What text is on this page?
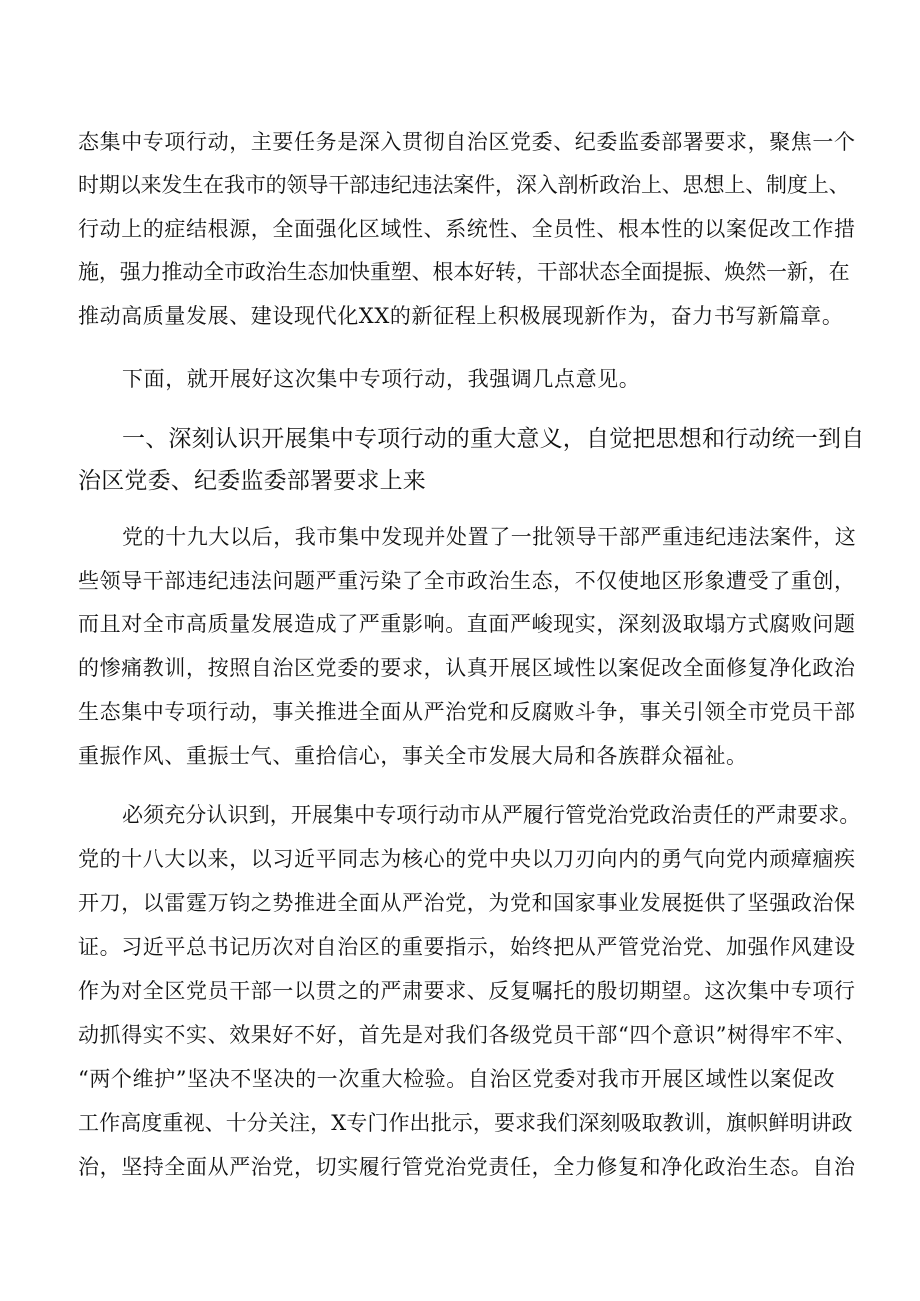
态集中专项行动，主要任务是深入贯彻自治区党委、纪委监委部署要求，聚焦一个
时期以来发生在我市的领导干部违纪违法案件，深入剖析政治上、思想上、制度上、
行动上的症结根源，全面强化区域性、系统性、全员性、根本性的以案促改工作措
施，强力推动全市政治生态加快重塑、根本好转，干部状态全面提振、焕然一新，在
推动高质量发展、建设现代化XX的新征程上积极展现新作为，奋力书写新篇章。
下面，就开展好这次集中专项行动，我强调几点意见。
一、深刻认识开展集中专项行动的重大意义，自觉把思想和行动统一到自
治区党委、纪委监委部署要求上来
党的十九大以后，我市集中发现并处置了一批领导干部严重违纪违法案件，这
些领导干部违纪违法问题严重污染了全市政治生态，不仅使地区形象遭受了重创，
而且对全市高质量发展造成了严重影响。直面严峻现实，深刻汲取塌方式腐败问题
的惨痛教训，按照自治区党委的要求，认真开展区域性以案促改全面修复净化政治
生态集中专项行动，事关推进全面从严治党和反腐败斗争，事关引领全市党员干部
重振作风、重振士气、重拾信心，事关全市发展大局和各族群众福祉。
必须充分认识到，开展集中专项行动市从严履行管党治党政治责任的严肃要求。
党的十八大以来，以习近平同志为核心的党中央以刀刃向内的勇气向党内顽瘴痼疾
开刀，以雷霆万钧之势推进全面从严治党，为党和国家事业发展挺供了坚强政治保
证。习近平总书记历次对自治区的重要指示，始终把从严管党治党、加强作风建设
作为对全区党员干部一以贯之的严肃要求、反复嘱托的殷切期望。这次集中专项行
动抓得实不实、效果好不好，首先是对我们各级党员干部“四个意识”树得牢不牢、
“两个维护”坚决不坚决的一次重大检验。自治区党委对我市开展区域性以案促改
工作高度重视、十分关注，X专门作出批示，要求我们深刻吸取教训，旗帜鲜明讲政
治，坚持全面从严治党，切实履行管党治党责任，全力修复和净化政治生态。自治
